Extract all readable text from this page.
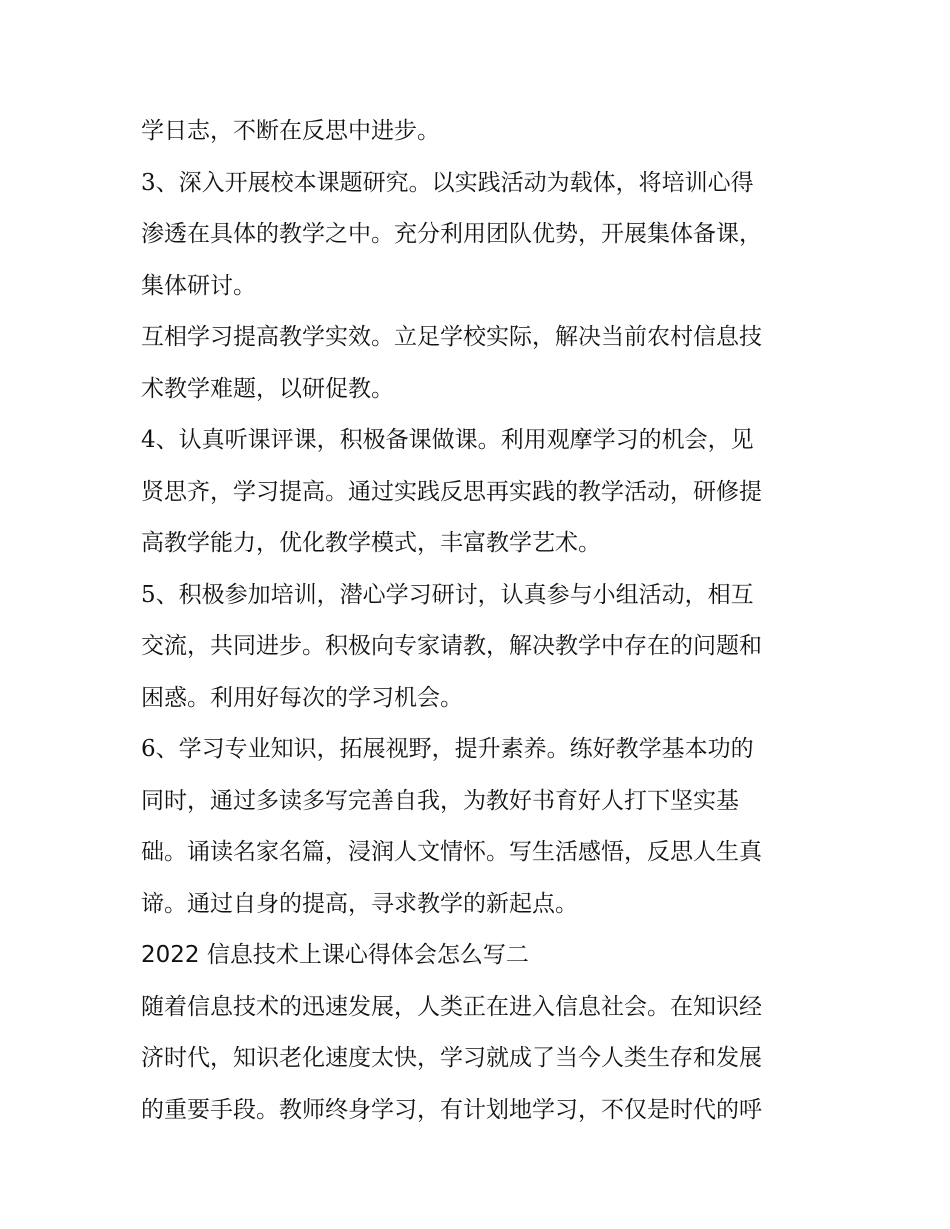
学日志，不断在反思中进步。
3、深入开展校本课题研究。以实践活动为载体，将培训心得
渗透在具体的教学之中。充分利用团队优势，开展集体备课，
集体研讨。
互相学习提高教学实效。立足学校实际，解决当前农村信息技
术教学难题，以研促教。
4、认真听课评课，积极备课做课。利用观摩学习的机会，见
贤思齐，学习提高。通过实践反思再实践的教学活动，研修提
高教学能力，优化教学模式，丰富教学艺术。
5、积极参加培训，潜心学习研讨，认真参与小组活动，相互
交流，共同进步。积极向专家请教，解决教学中存在的问题和
困惑。利用好每次的学习机会。
6、学习专业知识，拓展视野，提升素养。练好教学基本功的
同时，通过多读多写完善自我，为教好书育好人打下坚实基
础。诵读名家名篇，浸润人文情怀。写生活感悟，反思人生真
谛。通过自身的提高，寻求教学的新起点。
2022 信息技术上课心得体会怎么写二
随着信息技术的迅速发展，人类正在进入信息社会。在知识经
济时代，知识老化速度太快，学习就成了当今人类生存和发展
的重要手段。教师终身学习，有计划地学习，不仅是时代的呼
